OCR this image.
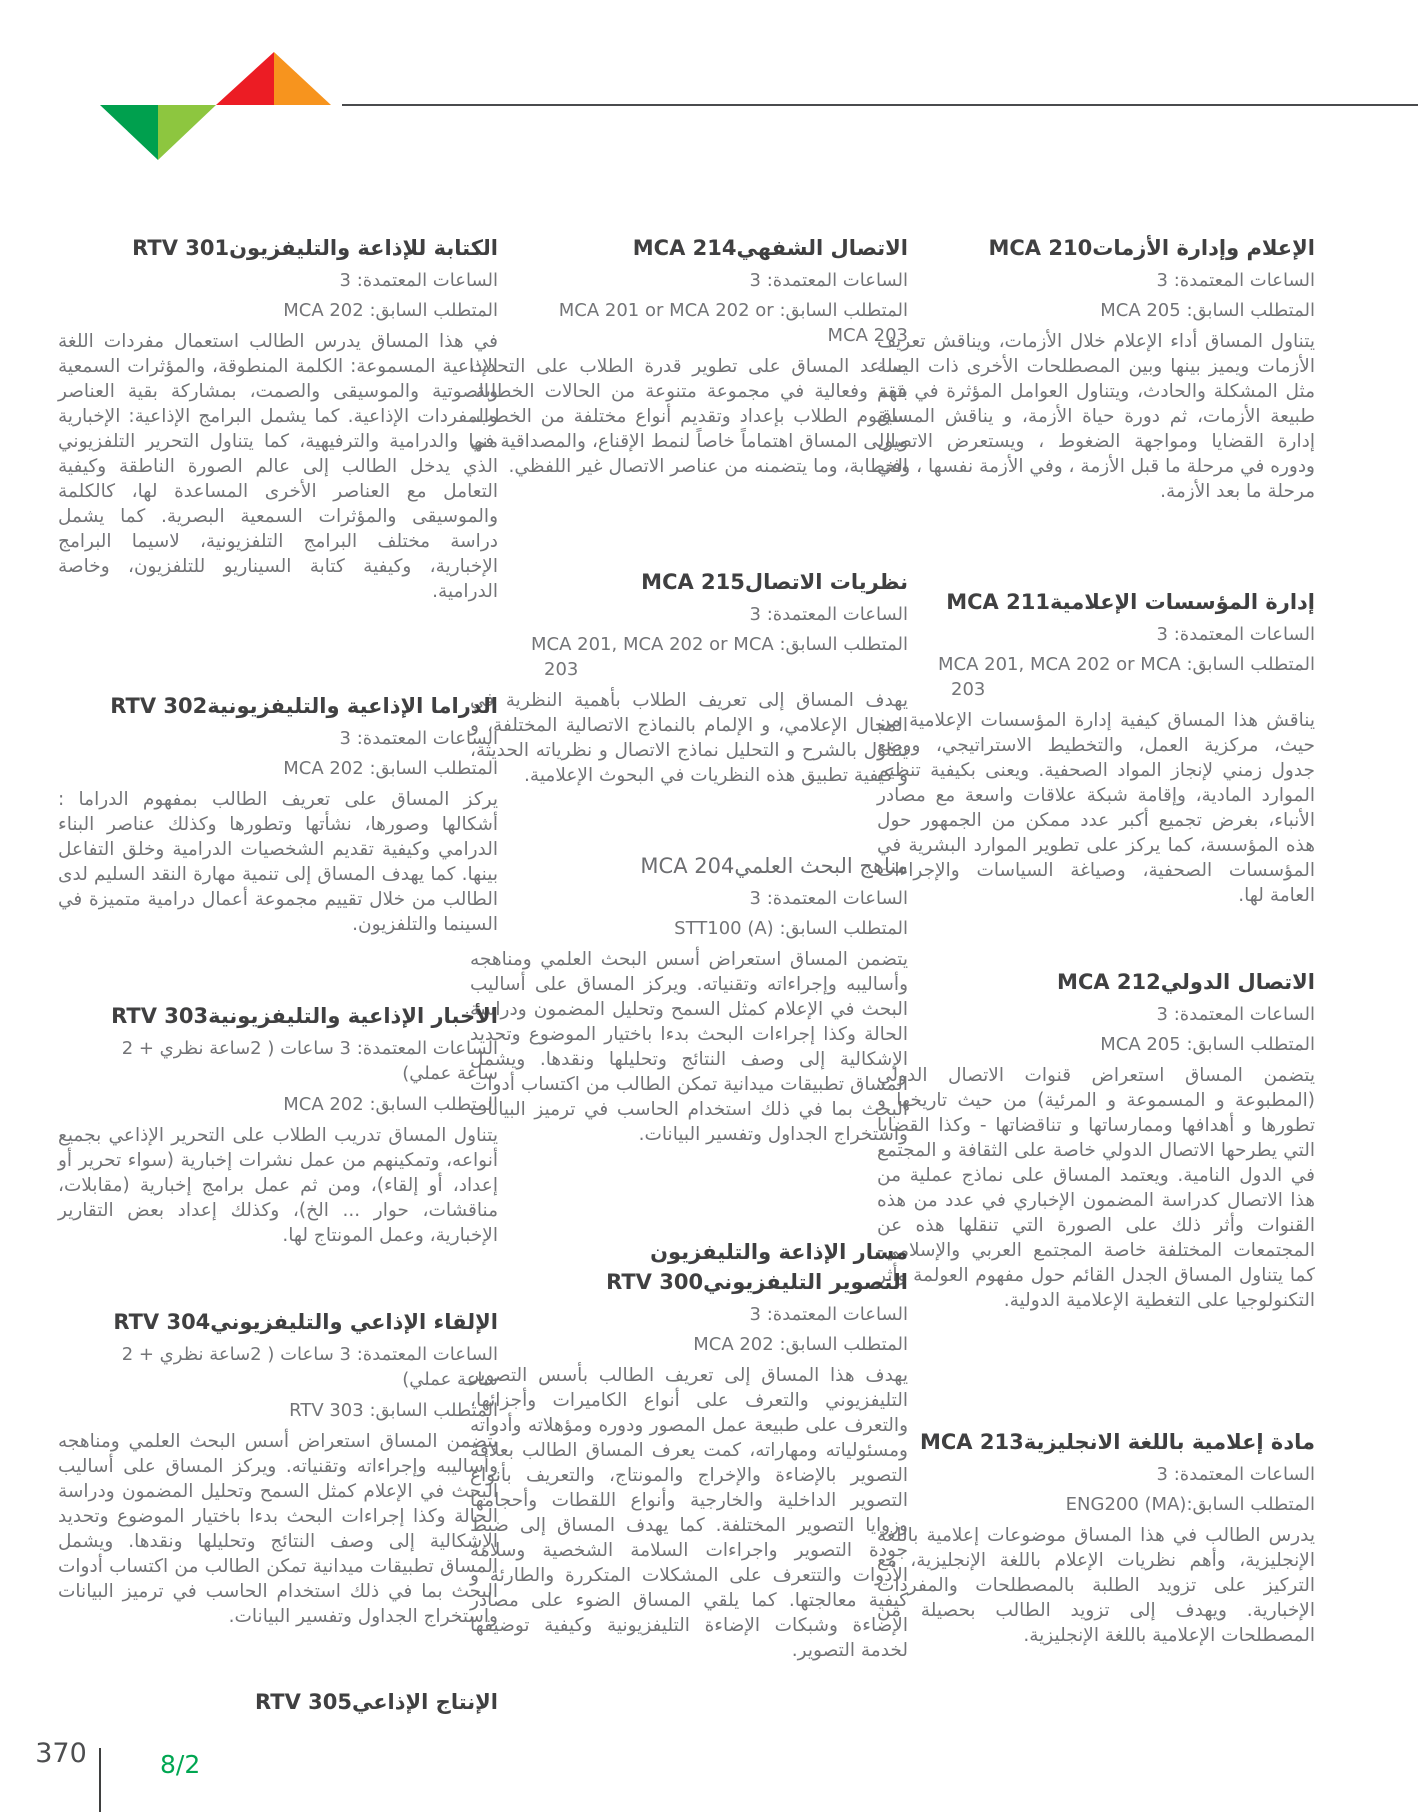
الإعلام وإدارة الأزماتMCA 210
الساعات المعتمدة: 3
المتطلب السابق: MCA 205

يتناول المساق أداء الإعلام خلال الأزمات، ويناقش تعريف الأزمات ويميز بينها وبين المصطلحات الأخرى ذات الصلة مثل المشكلة والحادث، ويتناول العوامل المؤثرة في فهم طبيعة الأزمات، ثم دورة حياة الأزمة، و يناقش المساق إدارة القضايا ومواجهة الضغوط ، ويستعرض الاتصال ودوره في مرحلة ما قبل الأزمة ، وفي الأزمة نفسها ، وفي مرحلة ما بعد الأزمة.

إدارة المؤسسات الإعلاميةMCA 211
الساعات المعتمدة: 3
المتطلب السابق: MCA 201, MCA 202 or MCA
203

يناقش هذا المساق كيفية إدارة المؤسسات الإعلامية من حيث، مركزية العمل، والتخطيط الاستراتيجي، ووضع جدول زمني لإنجاز المواد الصحفية. ويعنى بكيفية تنظيم الموارد المادية، وإقامة شبكة علاقات واسعة مع مصادر الأنباء، بغرض تجميع أكبر عدد ممكن من الجمهور حول هذه المؤسسة، كما يركز على تطوير الموارد البشرية في المؤسسات الصحفية، وصياغة السياسات والإجراءات العامة لها.

الاتصال الدوليMCA 212
الساعات المعتمدة: 3
المتطلب السابق: MCA 205

يتضمن المساق استعراض قنوات الاتصال الدولي (المطبوعة و المسموعة و المرئية) من حيث تاريخها و تطورها و أهدافها وممارساتها و تناقضاتها - وكذا القضايا التي يطرحها الاتصال الدولي خاصة على الثقافة و المجتمع في الدول النامية. ويعتمد المساق على نماذج عملية من هذا الاتصال كدراسة المضمون الإخباري في عدد من هذه القنوات وأثر ذلك على الصورة التي تنقلها هذه عن المجتمعات المختلفة خاصة المجتمع العربي والإسلامي- كما يتناول المساق الجدل القائم حول مفهوم العولمة وأثر التكنولوجيا على التغطية الإعلامية الدولية.

مادة إعلامية باللغة الانجليزيةMCA 213
الساعات المعتمدة: 3
المتطلب السابق:ENG200 (MA)

يدرس الطالب في هذا المساق موضوعات إعلامية باللغة الإنجليزية، وأهم نظريات الإعلام باللغة الإنجليزية، مع التركيز على تزويد الطلبة بالمصطلحات والمفردات الإخبارية. ويهدف إلى تزويد الطالب بحصيلة من المصطلحات الإعلامية باللغة الإنجليزية.

الاتصال الشفهيMCA 214
الساعات المعتمدة: 3
المتطلب السابق: MCA 201 or MCA 202 or
MCA 203

يساعد المساق على تطوير قدرة الطلاب على التحدث بثقة وفعالية في مجموعة متنوعة من الحالات الخطابة. سيقوم الطلاب بإعداد وتقديم أنواع مختلفة من الخطب. ويولى المساق اهتماماً خاصاً لنمط الإقناع، والمصداقية في الخطابة، وما يتضمنه من عناصر الاتصال غير اللفظي.

نظريات الاتصالMCA 215
الساعات المعتمدة: 3
المتطلب السابق: MCA 201, MCA 202 or MCA
203

يهدف المساق إلى تعريف الطلاب بأهمية النظرية في المجال الإعلامي، و الإلمام بالنماذج الاتصالية المختلفة، و يتناول بالشرح و التحليل نماذج الاتصال و نظرياته الحديثة، و كيفية تطبيق هذه النظريات في البحوث الإعلامية.

مناهج البحث العلميMCA 204
الساعات المعتمدة: 3
المتطلب السابق: STT100 (A)

يتضمن المساق استعراض أسس البحث العلمي ومناهجه وأساليبه وإجراءاته وتقنياته. ويركز المساق على أساليب البحث في الإعلام كمثل السمح وتحليل المضمون ودراسة الحالة وكذا إجراءات البحث بدءا باختيار الموضوع وتحديد الإشكالية إلى وصف النتائج وتحليلها ونقدها. ويشمل المساق تطبيقات ميدانية تمكن الطالب من اكتساب أدوات البحث بما في ذلك استخدام الحاسب في ترميز البيانات واستخراج الجداول وتفسير البيانات.

مسار الإذاعة والتليفزيون
التصوير التليفزيونيRTV 300
الساعات المعتمدة: 3
المتطلب السابق: MCA 202

يهدف هذا المساق إلى تعريف الطالب بأسس التصوير التليفزيوني والتعرف على أنواع الكاميرات وأجزائها، والتعرف على طبيعة عمل المصور ودوره ومؤهلاته وأدواته ومسئولياته ومهاراته، كمت يعرف المساق الطالب بعلاقة التصوير بالإضاءة والإخراج والمونتاج، والتعريف بأنواع التصوير الداخلية والخارجية وأنواع اللقطات وأحجامها وزوايا التصوير المختلفة. كما يهدف المساق إلى ضبط جودة التصوير واجراءات السلامة الشخصية وسلامة الأدوات والتتعرف على المشكلات المتكررة والطارئة و كيفية معالجتها. كما يلقي المساق الضوء على مصادر الإضاءة وشبكات الإضاءة التليفزيونية وكيفية توضيفها لخدمة التصوير.

الكتابة للإذاعة والتليفزيونRTV 301
الساعات المعتمدة: 3
المتطلب السابق: MCA 202

في هذا المساق يدرس الطالب استعمال مفردات اللغة الإذاعية المسموعة: الكلمة المنطوقة، والمؤثرات السمعية والصوتية والموسيقى والصمت، بمشاركة بقية العناصر والمفردات الإذاعية. كما يشمل البرامج الإذاعية: الإخبارية منها والدرامية والترفيهية، كما يتناول التحرير التلفزيوني الذي يدخل الطالب إلى عالم الصورة الناطقة وكيفية التعامل مع العناصر الأخرى المساعدة لها، كالكلمة والموسيقى والمؤثرات السمعية البصرية. كما يشمل دراسة مختلف البرامج التلفزيونية، لاسيما البرامج الإخبارية، وكيفية كتابة السيناريو للتلفزيون، وخاصة الدرامية.

الدراما الإذاعية والتليفزيونيةRTV 302
الساعات المعتمدة: 3
المتطلب السابق: MCA 202

يركز المساق على تعريف الطالب بمفهوم الدراما : أشكالها وصورها، نشأتها وتطورها وكذلك عناصر البناء الدرامي وكيفية تقديم الشخصيات الدرامية وخلق التفاعل بينها. كما يهدف المساق إلى تنمية مهارة النقد السليم لدى الطالب من خلال تقييم مجموعة أعمال درامية متميزة في السينما والتلفزيون.

الأخبار الإذاعية والتليفزيونيةRTV 303
الساعات المعتمدة: 3 ساعات ( 2ساعة نظري + 2
ساعة عملي)
المتطلب السابق: MCA 202

يتناول المساق تدريب الطلاب على التحرير الإذاعي بجميع أنواعه، وتمكينهم من عمل نشرات إخبارية (سواء تحرير أو إعداد، أو إلقاء)، ومن ثم عمل برامج إخبارية (مقابلات، مناقشات، حوار ... الخ)، وكذلك إعداد بعض التقارير الإخبارية، وعمل المونتاج لها.

الإلقاء الإذاعي والتليفزيونيRTV 304
الساعات المعتمدة: 3 ساعات ( 2ساعة نظري + 2
ساعة عملي)
المتطلب السابق: RTV 303

يتضمن المساق استعراض أسس البحث العلمي ومناهجه وأساليبه وإجراءاته وتقنياته. ويركز المساق على أساليب البحث في الإعلام كمثل السمح وتحليل المضمون ودراسة الحالة وكذا إجراءات البحث بدءا باختيار الموضوع وتحديد الإشكالية إلى وصف النتائج وتحليلها ونقدها. ويشمل المساق تطبيقات ميدانية تمكن الطالب من اكتساب أدوات البحث بما في ذلك استخدام الحاسب في ترميز البيانات واستخراج الجداول وتفسير البيانات.

الإنتاج الإذاعيRTV 305
370	8/2
